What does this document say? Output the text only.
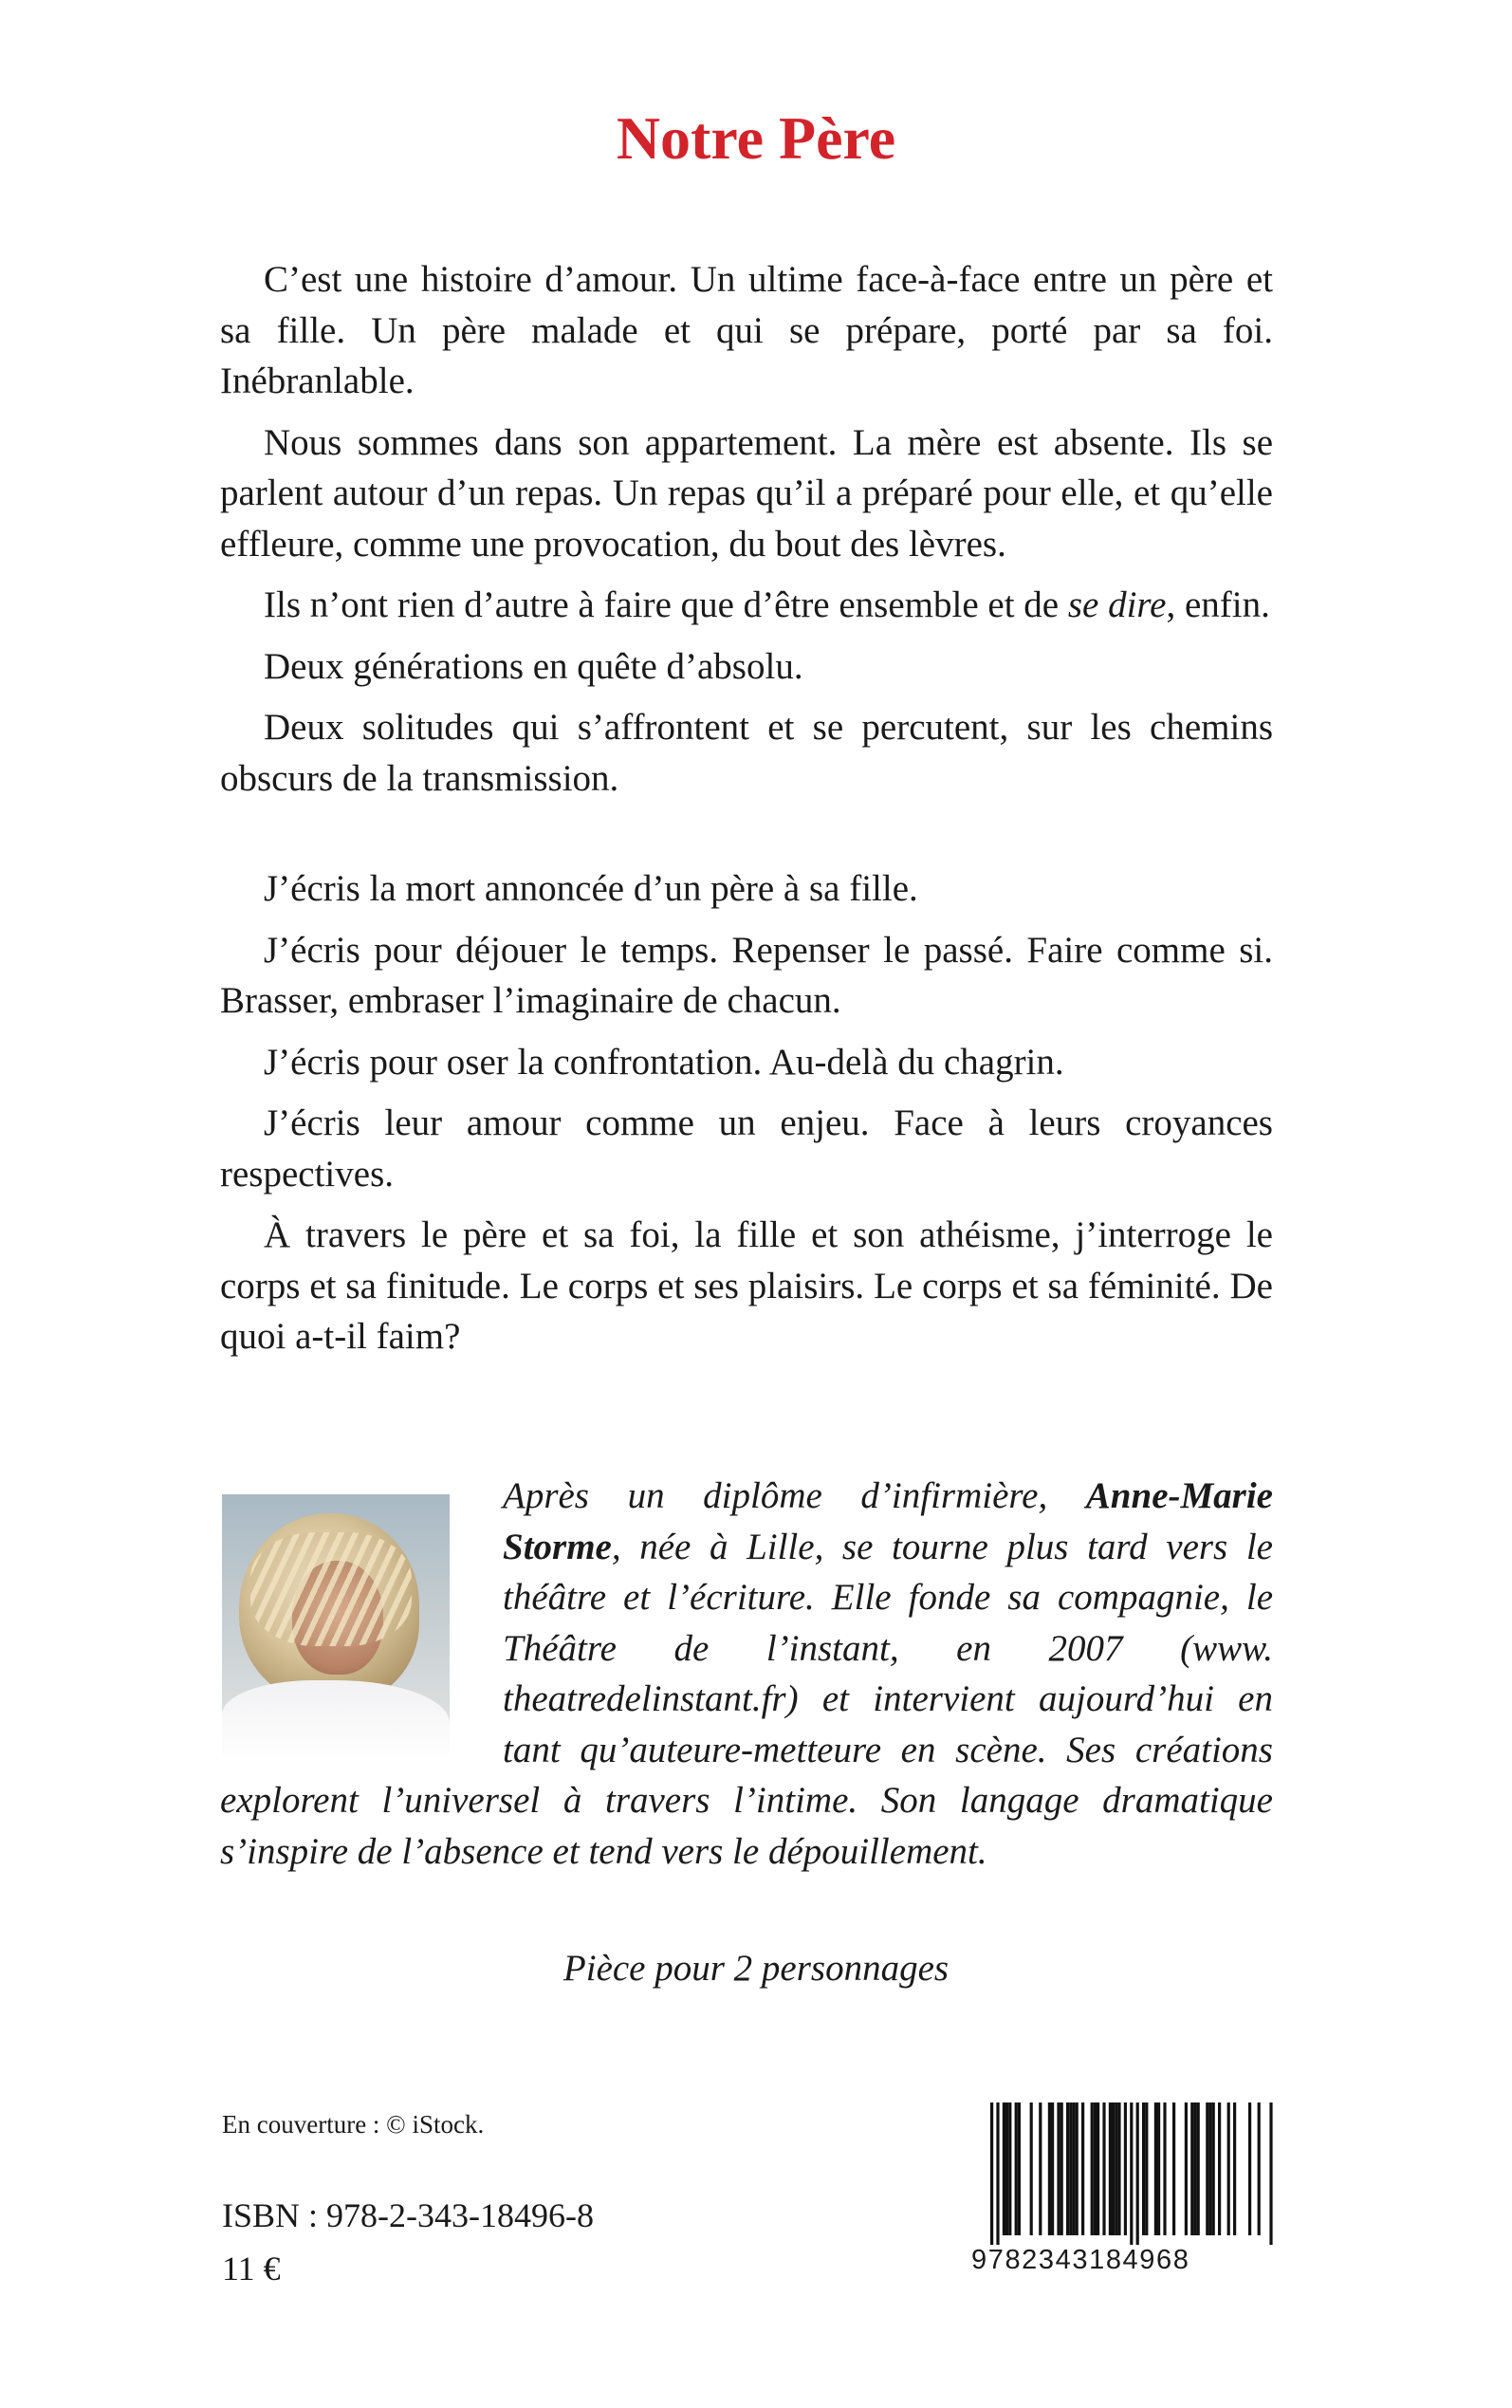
Notre Père

C’est une histoire d’amour. Un ultime face-à-face entre un père et sa fille. Un père malade et qui se prépare, porté par sa foi. Inébranlable.

Nous sommes dans son appartement. La mère est absente. Ils se parlent autour d’un repas. Un repas qu’il a préparé pour elle, et qu’elle effleure, comme une provocation, du bout des lèvres.

Ils n’ont rien d’autre à faire que d’être ensemble et de se dire, enfin.

Deux générations en quête d’absolu.

Deux solitudes qui s’affrontent et se percutent, sur les chemins obscurs de la transmission.

J’écris la mort annoncée d’un père à sa fille.

J’écris pour déjouer le temps. Repenser le passé. Faire comme si. Brasser, embraser l’imaginaire de chacun.

J’écris pour oser la confrontation. Au-delà du chagrin.

J’écris leur amour comme un enjeu. Face à leurs croyances respectives.

À travers le père et sa foi, la fille et son athéisme, j’interroge le corps et sa finitude. Le corps et ses plaisirs. Le corps et sa féminité. De quoi a-t-il faim?

Après un diplôme d’infirmière, Anne-Marie Storme, née à Lille, se tourne plus tard vers le théâtre et l’écriture. Elle fonde sa compagnie, le Théâtre de l’instant, en 2007 (www. theatredelinstant.fr) et intervient aujourd’hui en tant qu’auteure-metteure en scène. Ses créations explorent l’universel à travers l’intime. Son langage dramatique s’inspire de l’absence et tend vers le dépouillement.
Pièce pour 2 personnages
En couverture : © iStock.
ISBN : 978-2-343-18496-8
11 €	9782343184968
